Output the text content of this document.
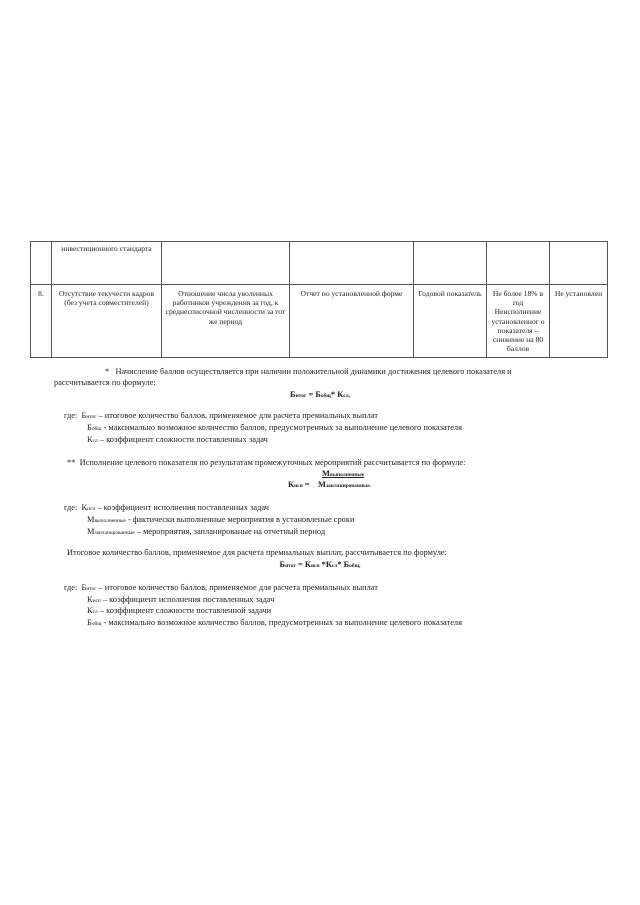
	инвестиционного стандарта					
8.	Отсутствие текучести кадров (без учета совместителей)	Отношение числа уволенных работников учреждения за год, к среднесписочной численности за тот же период	Отчет по установленной форме	Годовой показатель	Не более 18% в год Неисполнение установленног о показателя – снижение на 80 баллов	Не установлен
* Начисление баллов осуществляется при наличии положительной динамики достижения целевого показателя и
рассчитывается по формуле:
Битог = Бобщ* Ксл,
где: Битог – итоговое количество баллов, применяемое для расчета премиальных выплат
Бобщ - максимально возможное количество баллов, предусмотренных за выполнение целевого показателя
Ксл – коэффициент сложности поставленных задач
** Исполнение целевого показателя по результатам промежуточных мероприятий рассчитывается по формуле:
Мвыполненные
Кисп = Мзапланированные.
где: Кисп – коэффициент исполнения поставленных задач
Мвыполненные - фактически выполненные мероприятия в установленые сроки
Мзапланированные – мероприятия, запланированые на отчетный период
Итоговое количество баллов, применяемое для расчета премиальных выплат, рассчитывается по формуле:
Битог = Кисп *Ксл* Бобщ,
где: Битог – итоговое количество баллов, применяемое для расчета премиальных выплат
Кисп – коэффициент исполнения поставленных задач
Ксл – коэффициент сложности поставленной задачи
Бобщ - максимально возможное количество баллов, предусмотренных за выполнение целевого показателя
